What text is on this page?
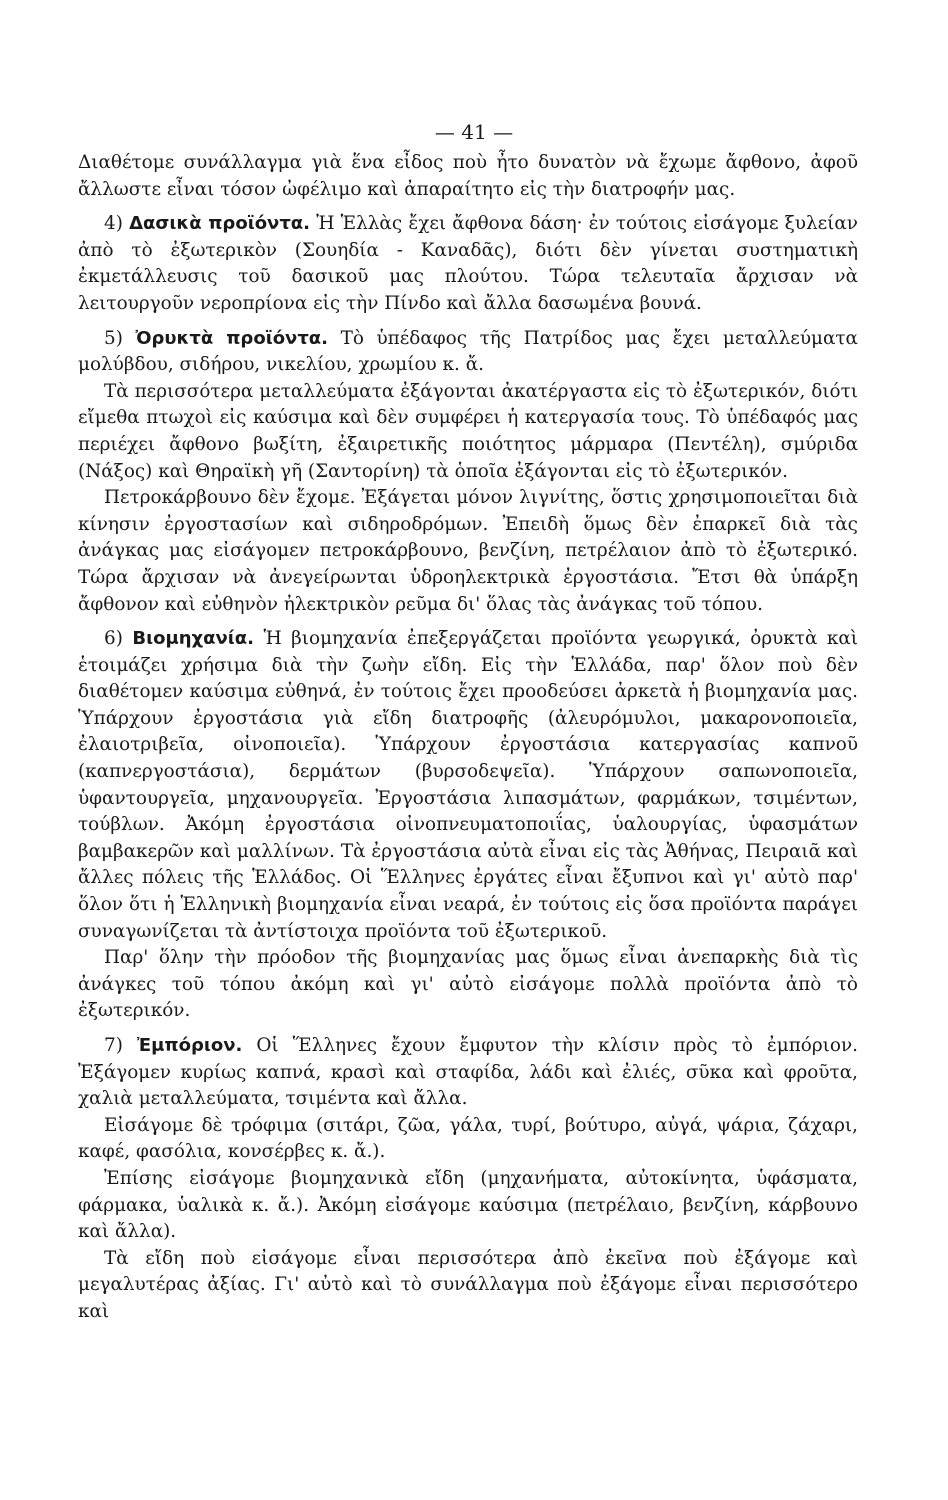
— 41 —

Διαθέτομε συνάλλαγμα γιὰ ἕνα εἶδος ποὺ ἦτο δυνατὸν νὰ ἔχωμε ἄφθονο, ἀφοῦ ἄλλωστε εἶναι τόσον ὠφέλιμο καὶ ἀπαραίτητο εἰς τὴν διατροφήν μας.

4) Δασικὰ προϊόντα. Ἡ Ἑλλὰς ἔχει ἄφθονα δάση· ἐν τούτοις εἰσάγομε ξυλείαν ἀπὸ τὸ ἐξωτερικὸν (Σουηδία - Καναδᾶς), διότι δὲν γίνεται συστηματικὴ ἐκμετάλλευσις τοῦ δασικοῦ μας πλούτου. Τώρα τελευταῖα ἄρχισαν νὰ λειτουργοῦν νεροπρίονα εἰς τὴν Πίνδο καὶ ἄλλα δασωμένα βουνά.

5) Ὀρυκτὰ προϊόντα. Τὸ ὑπέδαφος τῆς Πατρίδος μας ἔχει μεταλλεύματα μολύβδου, σιδήρου, νικελίου, χρωμίου κ. ἄ.

Τὰ περισσότερα μεταλλεύματα ἐξάγονται ἀκατέργαστα εἰς τὸ ἐξωτερικόν, διότι εἴμεθα πτωχοὶ εἰς καύσιμα καὶ δὲν συμφέρει ἡ κατεργασία τους. Τὸ ὑπέδαφός μας περιέχει ἄφθονο βωξίτη, ἐξαιρετικῆς ποιότητος μάρμαρα (Πεντέλη), σμύριδα (Νάξος) καὶ Θηραϊκὴ γῆ (Σαντορίνη) τὰ ὁποῖα ἐξάγονται εἰς τὸ ἐξωτερικόν.

Πετροκάρβουνο δὲν ἔχομε. Ἐξάγεται μόνον λιγνίτης, ὅστις χρησιμοποιεῖται διὰ κίνησιν ἐργοστασίων καὶ σιδηροδρόμων. Ἐπειδὴ ὅμως δὲν ἐπαρκεῖ διὰ τὰς ἀνάγκας μας εἰσάγομεν πετροκάρβουνο, βενζίνη, πετρέλαιον ἀπὸ τὸ ἐξωτερικό. Τώρα ἄρχισαν νὰ ἀνεγείρωνται ὑδροηλεκτρικὰ ἐργοστάσια. Ἔτσι θὰ ὑπάρξη ἄφθονον καὶ εὐθηνὸν ἠλεκτρικὸν ρεῦμα δι' ὅλας τὰς ἀνάγκας τοῦ τόπου.

6) Βιομηχανία. Ἡ βιομηχανία ἐπεξεργάζεται προϊόντα γεωργικά, ὀρυκτὰ καὶ ἑτοιμάζει χρήσιμα διὰ τὴν ζωὴν εἴδη. Εἰς τὴν Ἑλλάδα, παρ' ὅλον ποὺ δὲν διαθέτομεν καύσιμα εὐθηνά, ἐν τούτοις ἔχει προοδεύσει ἀρκετὰ ἡ βιομηχανία μας. Ὑπάρχουν ἐργοστάσια γιὰ εἴδη διατροφῆς (ἀλευρόμυλοι, μακαρονοποιεῖα, ἐλαιοτριβεῖα, οἰνοποιεῖα). Ὑπάρχουν ἐργοστάσια κατεργασίας καπνοῦ (καπνεργοστάσια), δερμάτων (βυρσοδεψεῖα). Ὑπάρχουν σαπωνοποιεῖα, ὑφαντουργεῖα, μηχανουργεῖα. Ἐργοστάσια λιπασμάτων, φαρμάκων, τσιμέντων, τούβλων. Ἀκόμη ἐργοστάσια οἰνοπνευματοποιΐας, ὑαλουργίας, ὑφασμάτων βαμβακερῶν καὶ μαλλίνων. Τὰ ἐργοστάσια αὐτὰ εἶναι εἰς τὰς Ἀθήνας, Πειραιᾶ καὶ ἄλλες πόλεις τῆς Ἑλλάδος. Οἱ Ἕλληνες ἐργάτες εἶναι ἔξυπνοι καὶ γι' αὐτὸ παρ' ὅλον ὅτι ἡ Ἑλληνικὴ βιομηχανία εἶναι νεαρά, ἐν τούτοις εἰς ὅσα προϊόντα παράγει συναγωνίζεται τὰ ἀντίστοιχα προϊόντα τοῦ ἐξωτερικοῦ.

Παρ' ὅλην τὴν πρόοδον τῆς βιομηχανίας μας ὅμως εἶναι ἀνεπαρκὴς διὰ τὶς ἀνάγκες τοῦ τόπου ἀκόμη καὶ γι' αὐτὸ εἰσάγομε πολλὰ προϊόντα ἀπὸ τὸ ἐξωτερικόν.

7) Ἐμπόριον. Οἱ Ἕλληνες ἔχουν ἔμφυτον τὴν κλίσιν πρὸς τὸ ἐμπόριον. Ἐξάγομεν κυρίως καπνά, κρασὶ καὶ σταφίδα, λάδι καὶ ἐλιές, σῦκα καὶ φροῦτα, χαλιὰ μεταλλεύματα, τσιμέντα καὶ ἄλλα.

Εἰσάγομε δὲ τρόφιμα (σιτάρι, ζῶα, γάλα, τυρί, βούτυρο, αὐγά, ψάρια, ζάχαρι, καφέ, φασόλια, κονσέρβες κ. ἄ.).

Ἐπίσης εἰσάγομε βιομηχανικὰ εἴδη (μηχανήματα, αὐτοκίνητα, ὑφάσματα, φάρμακα, ὑαλικὰ κ. ἄ.). Ἀκόμη εἰσάγομε καύσιμα (πετρέλαιο, βενζίνη, κάρβουνο καὶ ἄλλα).

Τὰ εἴδη ποὺ εἰσάγομε εἶναι περισσότερα ἀπὸ ἐκεῖνα ποὺ ἐξάγομε καὶ μεγαλυτέρας ἀξίας. Γι' αὐτὸ καὶ τὸ συνάλλαγμα ποὺ ἐξάγομε εἶναι περισσότερο καὶ
